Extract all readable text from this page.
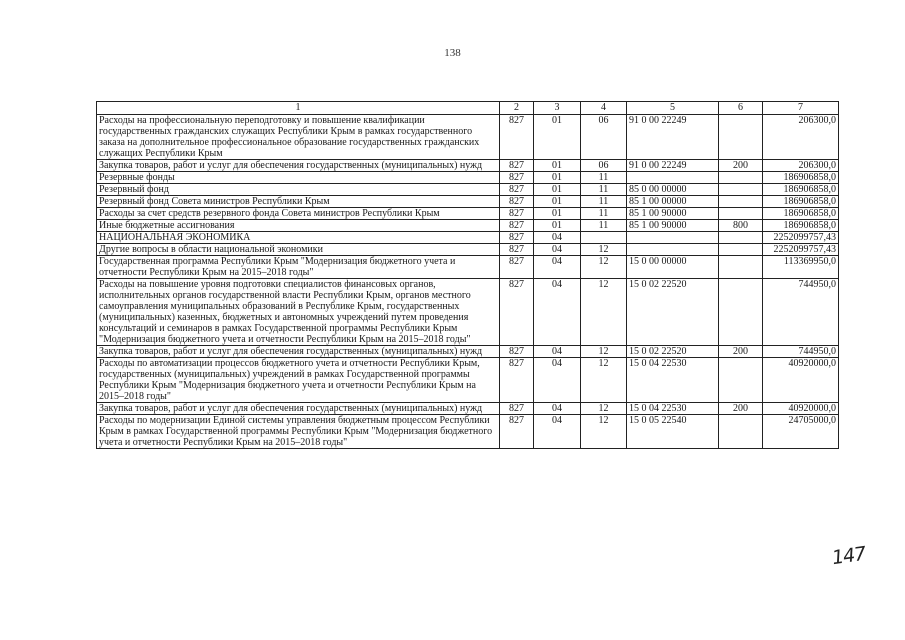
138
1	2	3	4	5	6	7
Расходы на профессиональную переподготовку и повышение квалификации государственных гражданских служащих Республики Крым в рамках государственного заказа на дополнительное профессиональное образование государственных гражданских служащих Республики Крым	827	01	06	91 0 00 22249		206300,0
Закупка товаров, работ и услуг для обеспечения государственных (муниципальных) нужд	827	01	06	91 0 00 22249	200	206300,0
Резервные фонды	827	01	11			186906858,0
Резервный фонд	827	01	11	85 0 00 00000		186906858,0
Резервный фонд Совета министров Республики Крым	827	01	11	85 1 00 00000		186906858,0
Расходы за счет средств резервного фонда Совета министров Республики Крым	827	01	11	85 1 00 90000		186906858,0
Иные бюджетные ассигнования	827	01	11	85 1 00 90000	800	186906858,0
НАЦИОНАЛЬНАЯ ЭКОНОМИКА	827	04				2252099757,43
Другие вопросы в области национальной экономики	827	04	12			2252099757,43
Государственная программа Республики Крым "Модернизация бюджетного учета и отчетности Республики Крым на 2015–2018 годы"	827	04	12	15 0 00 00000		113369950,0
Расходы на повышение уровня подготовки специалистов финансовых органов, исполнительных органов государственной власти Республики Крым, органов местного самоуправления муниципальных образований в Республике Крым, государственных (муниципальных) казенных, бюджетных и автономных учреждений путем проведения консультаций и семинаров в рамках Государственной программы Республики Крым "Модернизация бюджетного учета и отчетности Республики Крым на 2015–2018 годы"	827	04	12	15 0 02 22520		744950,0
Закупка товаров, работ и услуг для обеспечения государственных (муниципальных) нужд	827	04	12	15 0 02 22520	200	744950,0
Расходы по автоматизации процессов бюджетного учета и отчетности Республики Крым, государственных (муниципальных) учреждений в рамках Государственной программы Республики Крым "Модернизация бюджетного учета и отчетности Республики Крым на 2015–2018 годы"	827	04	12	15 0 04 22530		40920000,0
Закупка товаров, работ и услуг для обеспечения государственных (муниципальных) нужд	827	04	12	15 0 04 22530	200	40920000,0
Расходы по модернизации Единой системы управления бюджетным процессом Республики Крым в рамках Государственной программы Республики Крым "Модернизация бюджетного учета и отчетности Республики Крым на 2015–2018 годы"	827	04	12	15 0 05 22540		24705000,0
147
